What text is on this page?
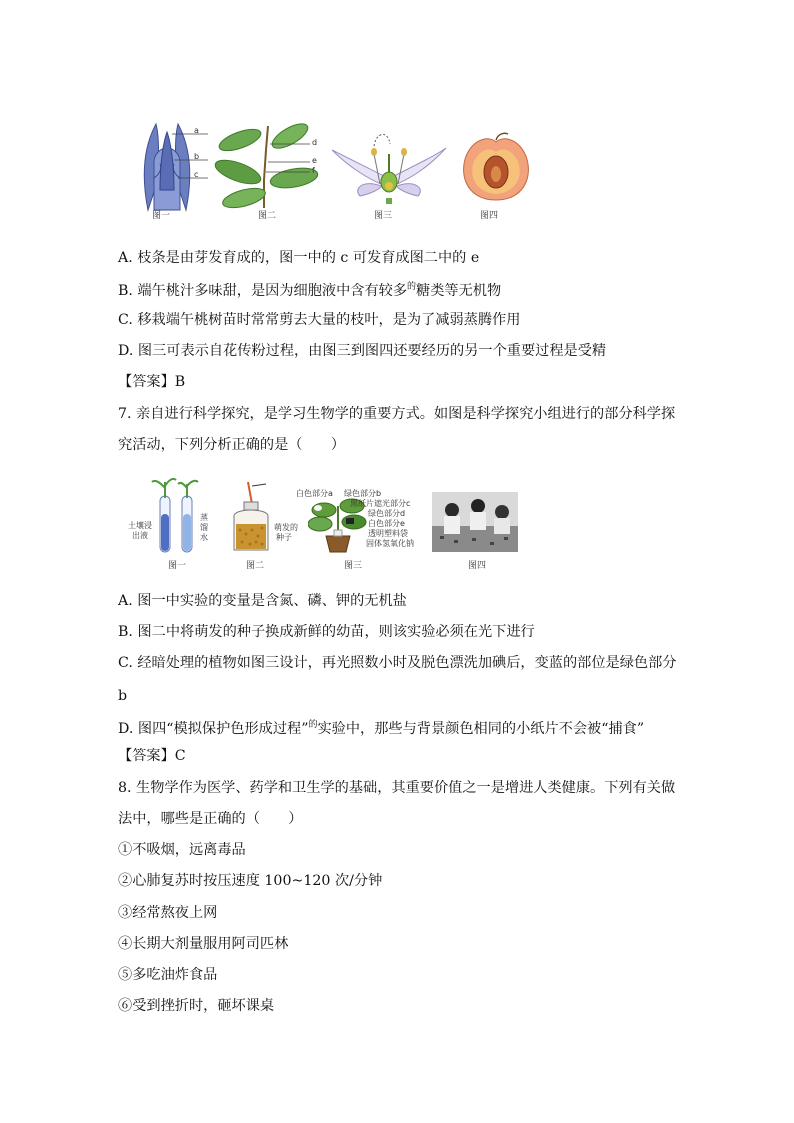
a
b
c
d
e
f
图一	图二	图三	图四
A. 枝条是由芽发育成的，图一中的 c 可发育成图二中的 e
B. 端午桃汁多味甜，是因为细胞液中含有较多$^的$糖类等无机物
C. 移栽端午桃树苗时常常剪去大量的枝叶，是为了减弱蒸腾作用
D. 图三可表示自花传粉过程，由图三到图四还要经历的另一个重要过程是受精
【答案】B
7. 亲自进行科学探究，是学习生物学的重要方式。如图是科学探究小组进行的部分科学探
究活动，下列分析正确的是（　　）
土壤浸
出液
蒸
馏
水
萌发的
种子
白色部分a 绿色部分b
黑纸片遮光部分c
绿色部分d
白色部分e
透明塑料袋
固体氢氧化钠
图一	图二	图三	图四
A. 图一中实验的变量是含氮、磷、钾的无机盐
B. 图二中将萌发的种子换成新鲜的幼苗，则该实验必须在光下进行
C. 经暗处理的植物如图三设计，再光照数小时及脱色漂洗加碘后，变蓝的部位是绿色部分
b
D. 图四“模拟保护色形成过程”$^的$实验中，那些与背景颜色相同的小纸片不会被“捕食”
【答案】C
8. 生物学作为医学、药学和卫生学的基础，其重要价值之一是增进人类健康。下列有关做
法中，哪些是正确的（　　）
①不吸烟，远离毒品
②心肺复苏时按压速度 100~120 次/分钟
③经常熬夜上网
④长期大剂量服用阿司匹林
⑤多吃油炸食品
⑥受到挫折时，砸坏课桌
